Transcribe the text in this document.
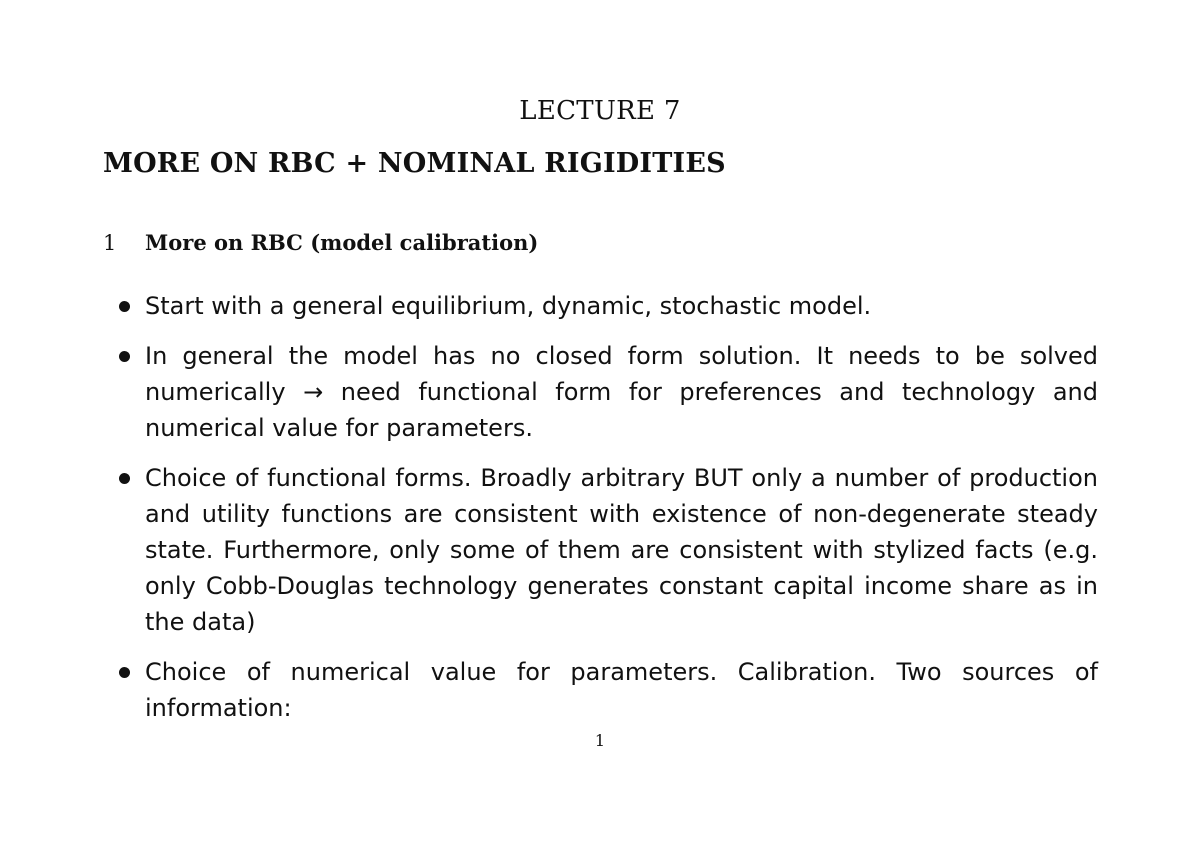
LECTURE 7
MORE ON RBC + NOMINAL RIGIDITIES
1 More on RBC (model calibration)
Start with a general equilibrium, dynamic, stochastic model.
In general the model has no closed form solution. It needs to be solved numerically → need functional form for preferences and technology and numerical value for parameters.
Choice of functional forms. Broadly arbitrary BUT only a number of production and utility functions are consistent with existence of non-degenerate steady state. Furthermore, only some of them are consistent with stylized facts (e.g. only Cobb-Douglas technology generates constant capital income share as in the data)
Choice of numerical value for parameters. Calibration. Two sources of information:
1
